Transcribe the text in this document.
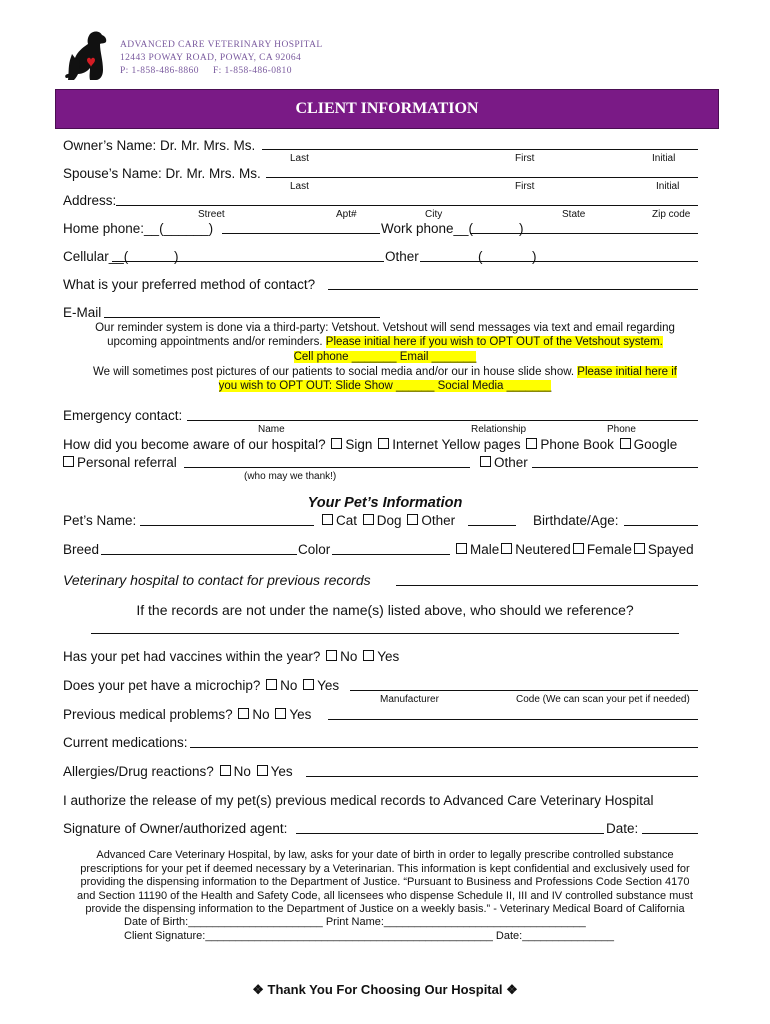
ADVANCED CARE VETERINARY HOSPITAL
12443 POWAY ROAD, POWAY, CA 92064
P: 1-858-486-8860 F: 1-858-486-0810
CLIENT INFORMATION
Owner’s Name: Dr. Mr. Mrs. Ms.
Last	First	Initial
Spouse’s Name: Dr. Mr. Mrs. Ms.
Last	First	Initial
Address:
Street	Apt#	City	State	Zip code
Home phone:__(______)	Work phone__(	)
Cellular__(	)	Other	(	)
What is your preferred method of contact?
E-Mail
Our reminder system is done via a third-party: Vetshout. Vetshout will send messages via text and email regarding
upcoming appointments and/or reminders. Please initial here if you wish to OPT OUT of the Vetshout system.
Cell phone _______ Email _______
We will sometimes post pictures of our patients to social media and/or our in house slide show. Please initial here if
you wish to OPT OUT: Slide Show ______ Social Media _______
Emergency contact:
Name	Relationship	Phone
How did you become aware of our hospital? Sign Internet Yellow pages Phone Book Google
Personal referral	Other
(who may we thank!)
Your Pet’s Information
Pet’s Name:	Cat Dog Other	Birthdate/Age:
Breed	Color	Male Neutered Female Spayed
Veterinary hospital to contact for previous records
If the records are not under the name(s) listed above, who should we reference?
Has your pet had vaccines within the year? No Yes
Does your pet have a microchip? No Yes
Manufacturer	Code (We can scan your pet if needed)
Previous medical problems? No Yes
Current medications:
Allergies/Drug reactions? No Yes
I authorize the release of my pet(s) previous medical records to Advanced Care Veterinary Hospital
Signature of Owner/authorized agent:	Date:
Advanced Care Veterinary Hospital, by law, asks for your date of birth in order to legally prescribe controlled substance
prescriptions for your pet if deemed necessary by a Veterinarian. This information is kept confidential and exclusively used for
providing the dispensing information to the Department of Justice. “Pursuant to Business and Professions Code Section 4170
and Section 11190 of the Health and Safety Code, all licensees who dispense Schedule II, III and IV controlled substance must
provide the dispensing information to the Department of Justice on a weekly basis.” - Veterinary Medical Board of California
Date of Birth:______________________ Print Name:_________________________________
Client Signature:_______________________________________________ Date:_______________
❖ Thank You For Choosing Our Hospital ❖
